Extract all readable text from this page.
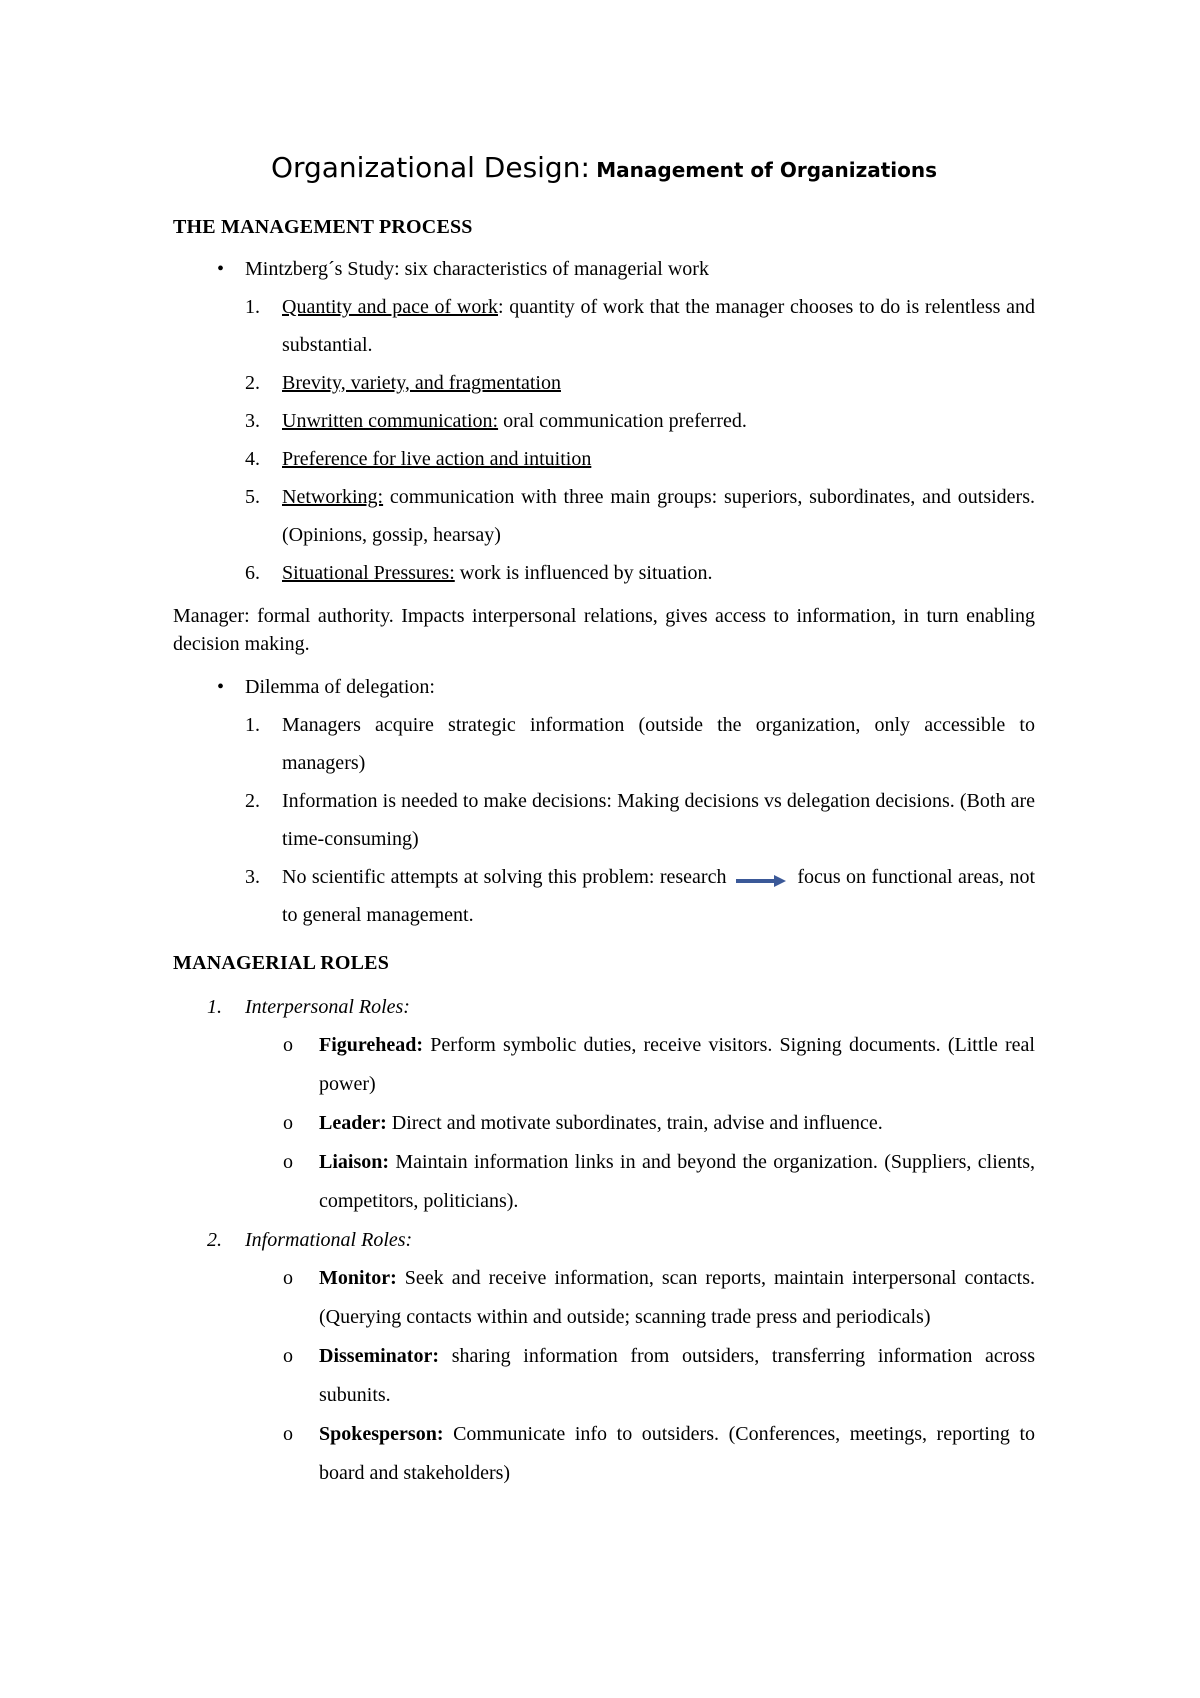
Organizational Design: Management of Organizations
THE MANAGEMENT PROCESS
• Mintzberg´s Study: six characteristics of managerial work
1. Quantity and pace of work: quantity of work that the manager chooses to do is relentless and substantial.
2. Brevity, variety, and fragmentation
3. Unwritten communication: oral communication preferred.
4. Preference for live action and intuition
5. Networking: communication with three main groups: superiors, subordinates, and outsiders. (Opinions, gossip, hearsay)
6. Situational Pressures: work is influenced by situation.

Manager: formal authority. Impacts interpersonal relations, gives access to information, in turn enabling decision making.

• Dilemma of delegation:
1. Managers acquire strategic information (outside the organization, only accessible to managers)
2. Information is needed to make decisions: Making decisions vs delegation decisions. (Both are time-consuming)
3. No scientific attempts at solving this problem: research	focus on functional areas, not to general management.
MANAGERIAL ROLES
1. Interpersonal Roles:
o Figurehead: Perform symbolic duties, receive visitors. Signing documents. (Little real power)
o Leader: Direct and motivate subordinates, train, advise and influence.
o Liaison: Maintain information links in and beyond the organization. (Suppliers, clients, competitors, politicians).
2. Informational Roles:
o Monitor: Seek and receive information, scan reports, maintain interpersonal contacts. (Querying contacts within and outside; scanning trade press and periodicals)
o Disseminator: sharing information from outsiders, transferring information across subunits.
o Spokesperson: Communicate info to outsiders. (Conferences, meetings, reporting to board and stakeholders)
